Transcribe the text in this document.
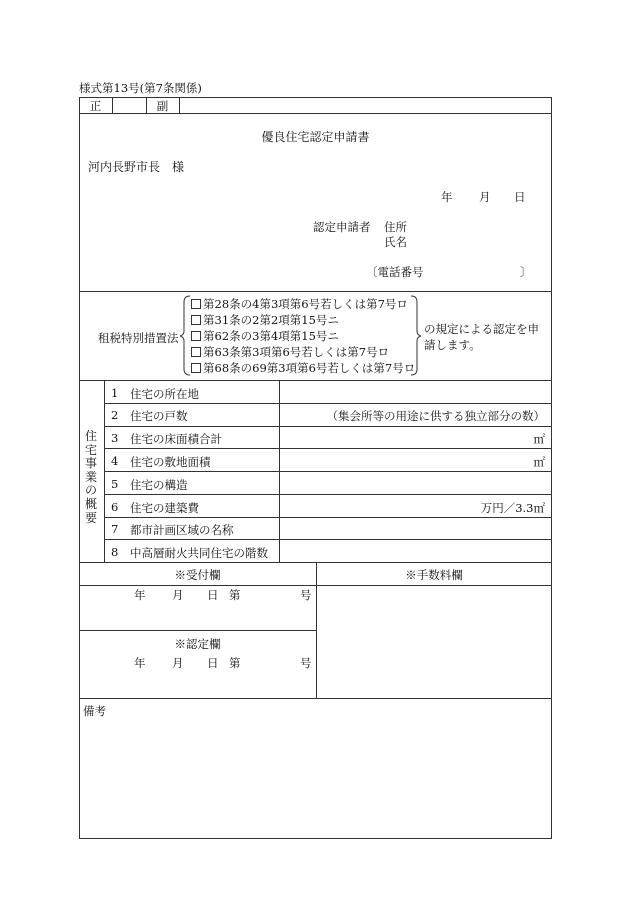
様式第13号(第7条関係)
正	副
優良住宅認定申請書
河内長野市長　様
年 月 日
認定申請者 住所
氏名
〔電話番号	〕
租税特別措置法
第28条の4第3項第6号若しくは第7号ロ
第31条の2第2項第15号ニ
第62条の3第4項第15号ニ
第63条第3項第6号若しくは第7号ロ
第68条の69第3項第6号若しくは第7号ロ
の規定による認定を申
請します。
住宅事業の概要
1 住宅の所在地
2 住宅の戸数	（集会所等の用途に供する独立部分の数）
3 住宅の床面積合計	㎡
4 住宅の敷地面積	㎡
5 住宅の構造
6 住宅の建築費	万円／3.3㎡
7 都市計画区域の名称
8 中高層耐火共同住宅の階数
※受付欄	※手数料欄
年 月 日 第	号
※認定欄
年 月 日 第	号
備考
